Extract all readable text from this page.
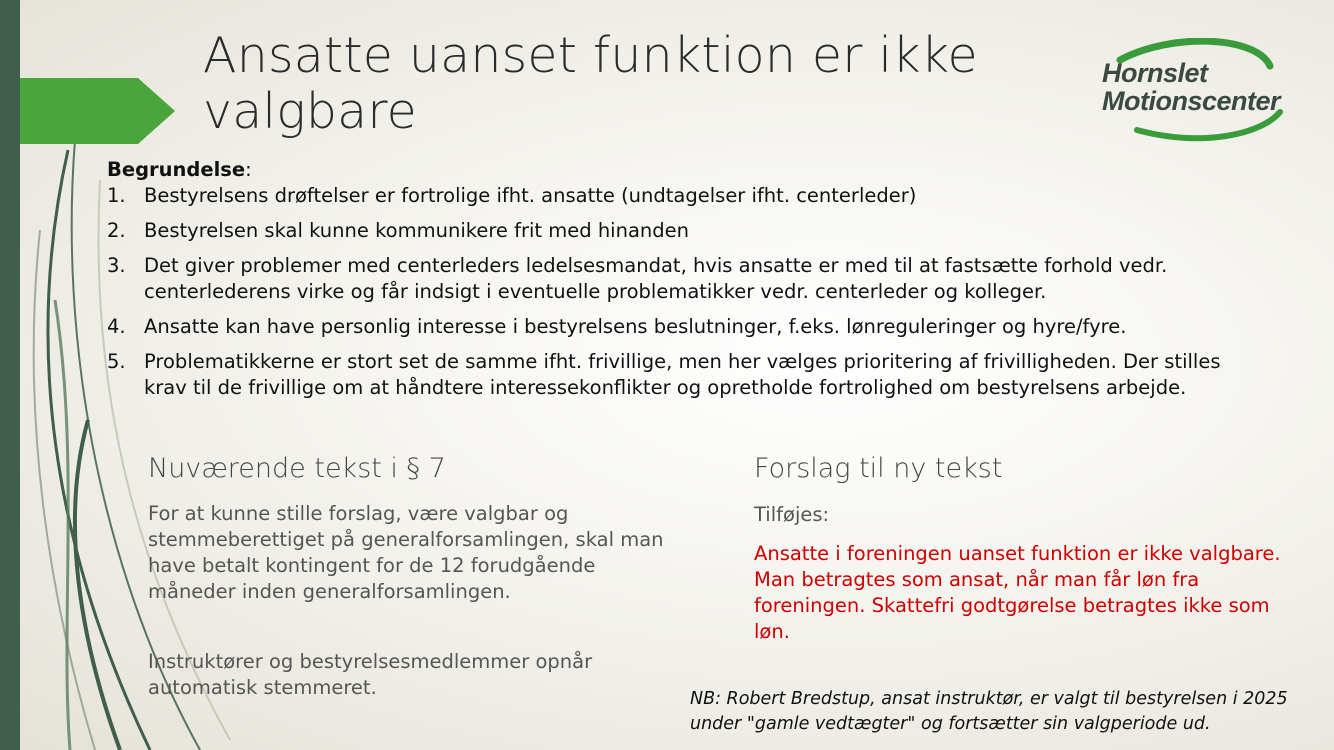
Ansatte uanset funktion er ikke valgbare
Hornslet
Motionscenter
Begrundelse:
1. Bestyrelsens drøftelser er fortrolige ifht. ansatte (undtagelser ifht. centerleder)
2. Bestyrelsen skal kunne kommunikere frit med hinanden
3. Det giver problemer med centerleders ledelsesmandat, hvis ansatte er med til at fastsætte forhold vedr. centerlederens virke og får indsigt i eventuelle problematikker vedr. centerleder og kolleger.
4. Ansatte kan have personlig interesse i bestyrelsens beslutninger, f.eks. lønreguleringer og hyre/fyre.
5. Problematikkerne er stort set de samme ifht. frivillige, men her vælges prioritering af frivilligheden. Der stilles krav til de frivillige om at håndtere interessekonflikter og opretholde fortrolighed om bestyrelsens arbejde.
Nuværende tekst i § 7
For at kunne stille forslag, være valgbar og stemmeberettiget på generalforsamlingen, skal man have betalt kontingent for de 12 forudgående måneder inden generalforsamlingen.
Instruktører og bestyrelsesmedlemmer opnår automatisk stemmeret.
Forslag til ny tekst
Tilføjes:
Ansatte i foreningen uanset funktion er ikke valgbare. Man betragtes som ansat, når man får løn fra foreningen. Skattefri godtgørelse betragtes ikke som løn.
NB: Robert Bredstup, ansat instruktør, er valgt til bestyrelsen i 2025 under "gamle vedtægter" og fortsætter sin valgperiode ud.
